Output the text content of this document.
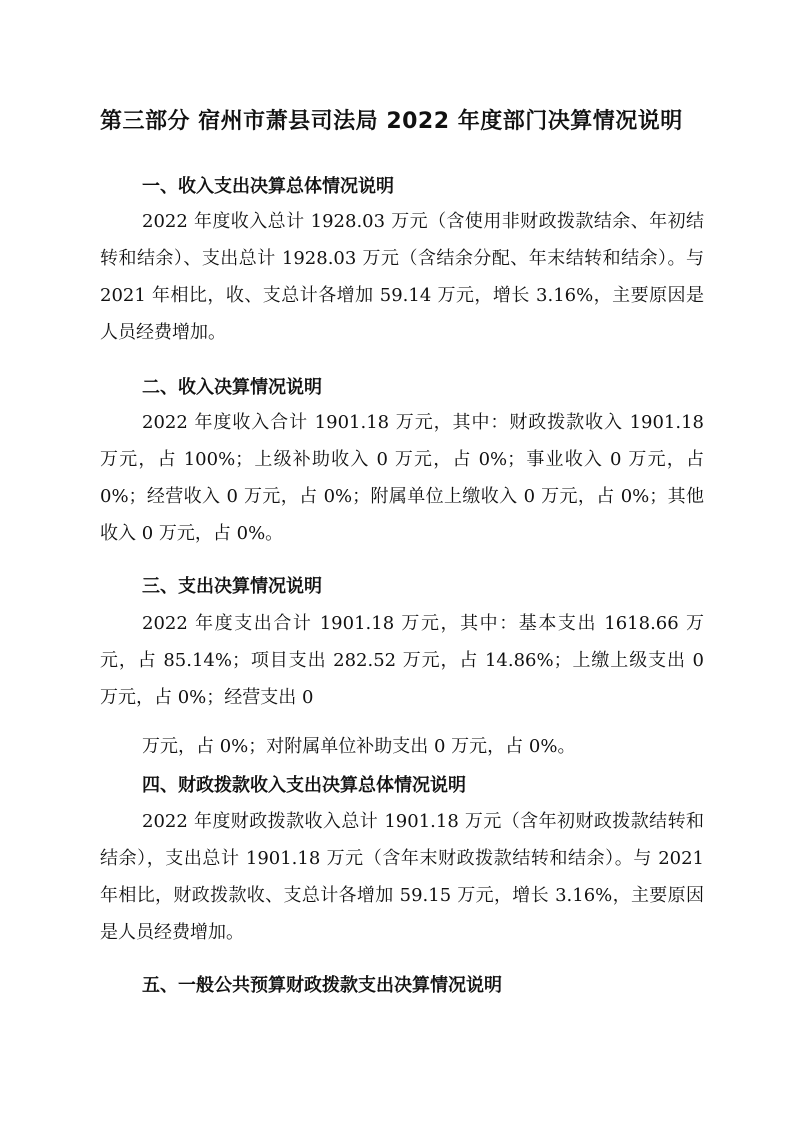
第三部分 宿州市萧县司法局 2022 年度部门决算情况说明
一、收入支出决算总体情况说明

2022 年度收入总计 1928.03 万元（含使用非财政拨款结余、年初结转和结余）、支出总计 1928.03 万元（含结余分配、年末结转和结余）。与 2021 年相比，收、支总计各增加 59.14 万元，增长 3.16%，主要原因是人员经费增加。

二、收入决算情况说明

2022 年度收入合计 1901.18 万元，其中：财政拨款收入 1901.18 万元，占 100%；上级补助收入 0 万元，占 0%；事业收入 0 万元，占 0%；经营收入 0 万元，占 0%；附属单位上缴收入 0 万元，占 0%；其他收入 0 万元，占 0%。

三、支出决算情况说明

2022 年度支出合计 1901.18 万元，其中：基本支出 1618.66 万元，占 85.14%；项目支出 282.52 万元，占 14.86%；上缴上级支出 0 万元，占 0%；经营支出 0

万元，占 0%；对附属单位补助支出 0 万元，占 0%。

四、财政拨款收入支出决算总体情况说明

2022 年度财政拨款收入总计 1901.18 万元（含年初财政拨款结转和结余），支出总计 1901.18 万元（含年末财政拨款结转和结余）。与 2021 年相比，财政拨款收、支总计各增加 59.15 万元，增长 3.16%，主要原因是人员经费增加。

五、一般公共预算财政拨款支出决算情况说明
